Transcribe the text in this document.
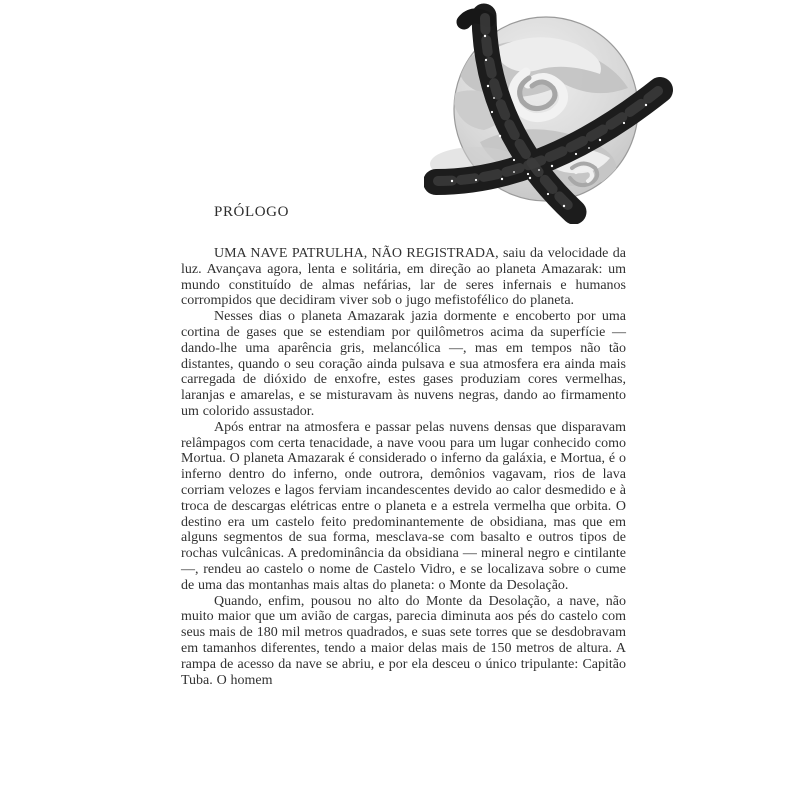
PRÓLOGO

UMA NAVE PATRULHA, NÃO REGISTRADA, saiu da velocidade da luz. Avançava agora, lenta e solitária, em direção ao planeta Amazarak: um mundo constituído de almas nefárias, lar de seres infernais e humanos corrompidos que decidiram viver sob o jugo mefistofélico do planeta.

Nesses dias o planeta Amazarak jazia dormente e encoberto por uma cortina de gases que se estendiam por quilômetros acima da superfície — dando-lhe uma aparência gris, melancólica —, mas em tempos não tão distantes, quando o seu coração ainda pulsava e sua atmosfera era ainda mais carregada de dióxido de enxofre, estes gases produziam cores vermelhas, laranjas e amarelas, e se misturavam às nuvens negras, dando ao firmamento um colorido assustador.

Após entrar na atmosfera e passar pelas nuvens densas que disparavam relâmpagos com certa tenacidade, a nave voou para um lugar conhecido como Mortua. O planeta Amazarak é considerado o inferno da galáxia, e Mortua, é o inferno dentro do inferno, onde outrora, demônios vagavam, rios de lava corriam velozes e lagos ferviam incandescentes devido ao calor desmedido e à troca de descargas elétricas entre o planeta e a estrela vermelha que orbita. O destino era um castelo feito predominantemente de obsidiana, mas que em alguns segmentos de sua forma, mesclava-se com basalto e outros tipos de rochas vulcânicas. A predominância da obsidiana — mineral negro e cintilante —, rendeu ao castelo o nome de Castelo Vidro, e se localizava sobre o cume de uma das montanhas mais altas do planeta: o Monte da Desolação.

Quando, enfim, pousou no alto do Monte da Desolação, a nave, não muito maior que um avião de cargas, parecia diminuta aos pés do castelo com seus mais de 180 mil metros quadrados, e suas sete torres que se desdobravam em tamanhos diferentes, tendo a maior delas mais de 150 metros de altura. A rampa de acesso da nave se abriu, e por ela desceu o único tripulante: Capitão Tuba. O homem
